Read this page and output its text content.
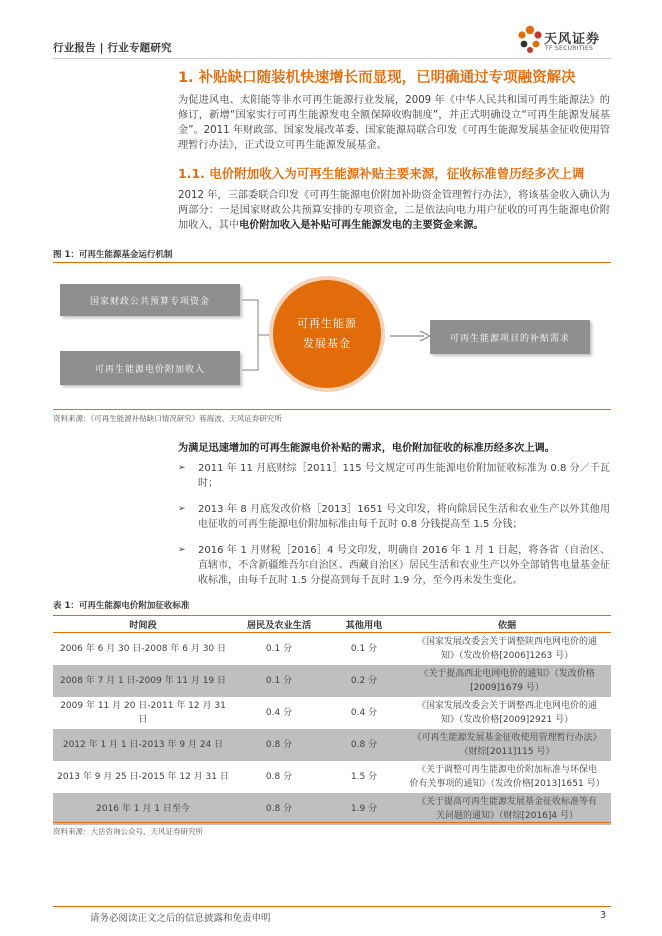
行业报告 | 行业专题研究
天风证券
TF SECURITIES
1. 补贴缺口随装机快速增长而显现，已明确通过专项融资解决
为促进风电、太阳能等非水可再生能源行业发展，2009 年《中华人民共和国可再生能源法》的修订，新增“国家实行可再生能源发电全额保障收购制度”，并正式明确设立“可再生能源发展基金”。2011 年财政部、国家发展改革委、国家能源局联合印发《可再生能源发展基金征收使用管理暂行办法》，正式设立可再生能源发展基金。
1.1. 电价附加收入为可再生能源补贴主要来源，征收标准曾历经多次上调
2012 年，三部委联合印发《可再生能源电价附加补助资金管理暂行办法》，将该基金收入确认为两部分：一是国家财政公共预算安排的专项资金，二是依法向电力用户征收的可再生能源电价附加收入，其中电价附加收入是补贴可再生能源发电的主要资金来源。
图 1：可再生能源基金运行机制
国家财政公共预算专项资金
可再生能源电价附加收入
可再生能源
发展基金	可再生能源项目的补贴需求
资料来源：《可再生能源补贴缺口情况研究》蒋海波、天风证券研究所
为满足迅速增加的可再生能源电价补贴的需求，电价附加征收的标准历经多次上调。
➢	2011 年 11 月底财综［2011］115 号文规定可再生能源电价附加征收标准为 0.8 分／千瓦时；
➢	2013 年 8 月底发改价格［2013］1651 号文印发，将向除居民生活和农业生产以外其他用电征收的可再生能源电价附加标准由每千瓦时 0.8 分钱提高至 1.5 分钱；
➢	2016 年 1 月财税［2016］4 号文印发，明确自 2016 年 1 月 1 日起，将各省（自治区、直辖市，不含新疆维吾尔自治区、西藏自治区）居民生活和农业生产以外全部销售电量基金征收标准，由每千瓦时 1.5 分提高到每千瓦时 1.9 分，至今再未发生变化。
表 1：可再生能源电价附加征收标准
时间段	居民及农业生活	其他用电	依据
2006 年 6 月 30 日-2008 年 6 月 30 日	0.1 分	0.1 分	《国家发展改委会关于调整陕西电网电价的通
知》（发改价格[2006]1263 号）
2008 年 7 月 1 日-2009 年 11 月 19 日	0.1 分	0.2 分	《关于提高西北电网电价的通知》（发改价格
[2009]1679 号）
2009 年 11 月 20 日-2011 年 12 月 31 日	0.4 分	0.4 分	《国家发展改委会关于调整西北电网电价的通
知》（发改价格[2009]2921 号）
2012 年 1 月 1 日-2013 年 9 月 24 日	0.8 分	0.8 分	《可再生能源发展基金征收使用管理暂行办法》
（财综[2011]115 号）
2013 年 9 月 25 日-2015 年 12 月 31 日	0.8 分	1.5 分	《关于调整可再生能源电价附加标准与环保电
价有关事项的通知》（发改价格[2013]1651 号）
2016 年 1 月 1 日至今	0.8 分	1.9 分	《关于提高可再生能源发展基金征收标准等有
关问题的通知》（财综[2016]4 号）
资料来源：大岳咨询公众号、天风证券研究所
请务必阅读正文之后的信息披露和免责申明	3
